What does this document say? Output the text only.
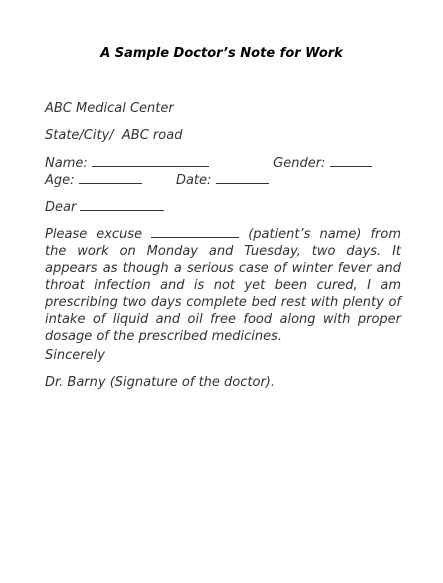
A Sample Doctor’s Note for Work

ABC Medical Center

State/City/  ABC road

Name:	Gender:

Age:	Date:

Dear

Please excuse	(patient’s name) from the work on Monday and Tuesday, two days. It appears as though a serious case of winter fever and throat infection and is not yet been cured, I am prescribing two days complete bed rest with plenty of intake of liquid and oil free food along with proper dosage of the prescribed medicines.

Sincerely

Dr. Barny (Signature of the doctor).
